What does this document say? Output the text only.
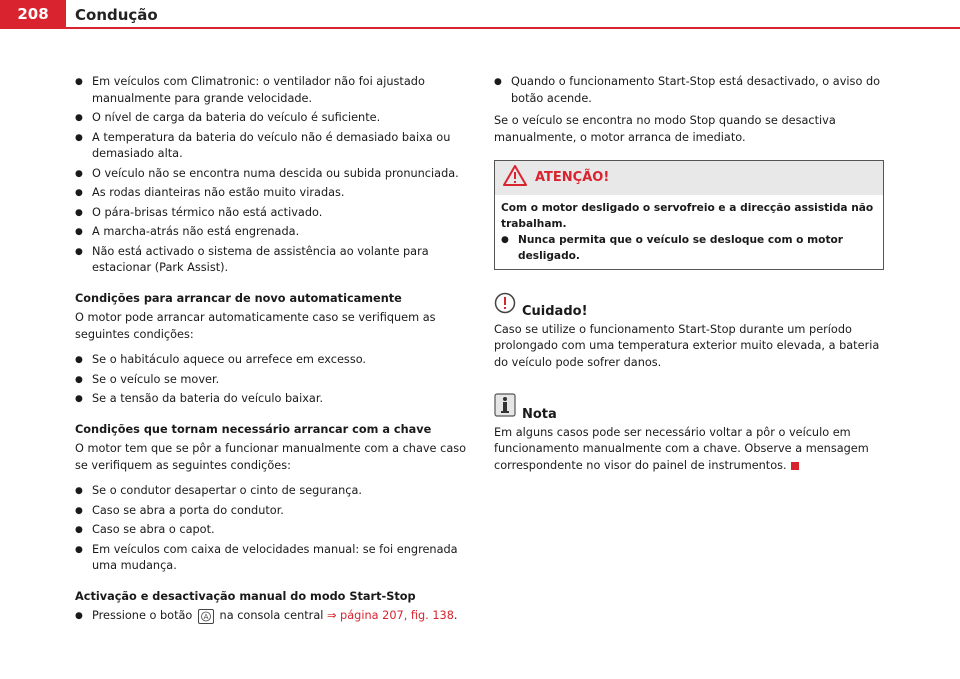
208	Condução
● Em veículos com Climatronic: o ventilador não foi ajustado manualmente para grande velocidade.
● O nível de carga da bateria do veículo é suficiente.
● A temperatura da bateria do veículo não é demasiado baixa ou demasiado alta.
● O veículo não se encontra numa descida ou subida pronunciada.
● As rodas dianteiras não estão muito viradas.
● O pára-brisas térmico não está activado.
● A marcha-atrás não está engrenada.
● Não está activado o sistema de assistência ao volante para estacionar (Park Assist).
Condições para arrancar de novo automaticamente
O motor pode arrancar automaticamente caso se verifiquem as seguintes condições:
● Se o habitáculo aquece ou arrefece em excesso.
● Se o veículo se mover.
● Se a tensão da bateria do veículo baixar.
Condições que tornam necessário arrancar com a chave
O motor tem que se pôr a funcionar manualmente com a chave caso se verifiquem as seguintes condições:
● Se o condutor desapertar o cinto de segurança.
● Caso se abra a porta do condutor.
● Caso se abra o capot.
● Em veículos com caixa de velocidades manual: se foi engrenada uma mudança.
Activação e desactivação manual do modo Start-Stop
● Pressione o botão A na consola central ⇒ página 207, fig. 138.
● Quando o funcionamento Start-Stop está desactivado, o aviso do botão acende.
Se o veículo se encontra no modo Stop quando se desactiva manualmente, o motor arranca de imediato.
ATENÇÃO!
Com o motor desligado o servofreio e a direcção assistida não trabalham.
● Nunca permita que o veículo se desloque com o motor desligado.
Cuidado!
Caso se utilize o funcionamento Start-Stop durante um período prolongado com uma temperatura exterior muito elevada, a bateria do veículo pode sofrer danos.
Nota
Em alguns casos pode ser necessário voltar a pôr o veículo em funcionamento manualmente com a chave. Observe a mensagem correspondente no visor do painel de instrumentos.
